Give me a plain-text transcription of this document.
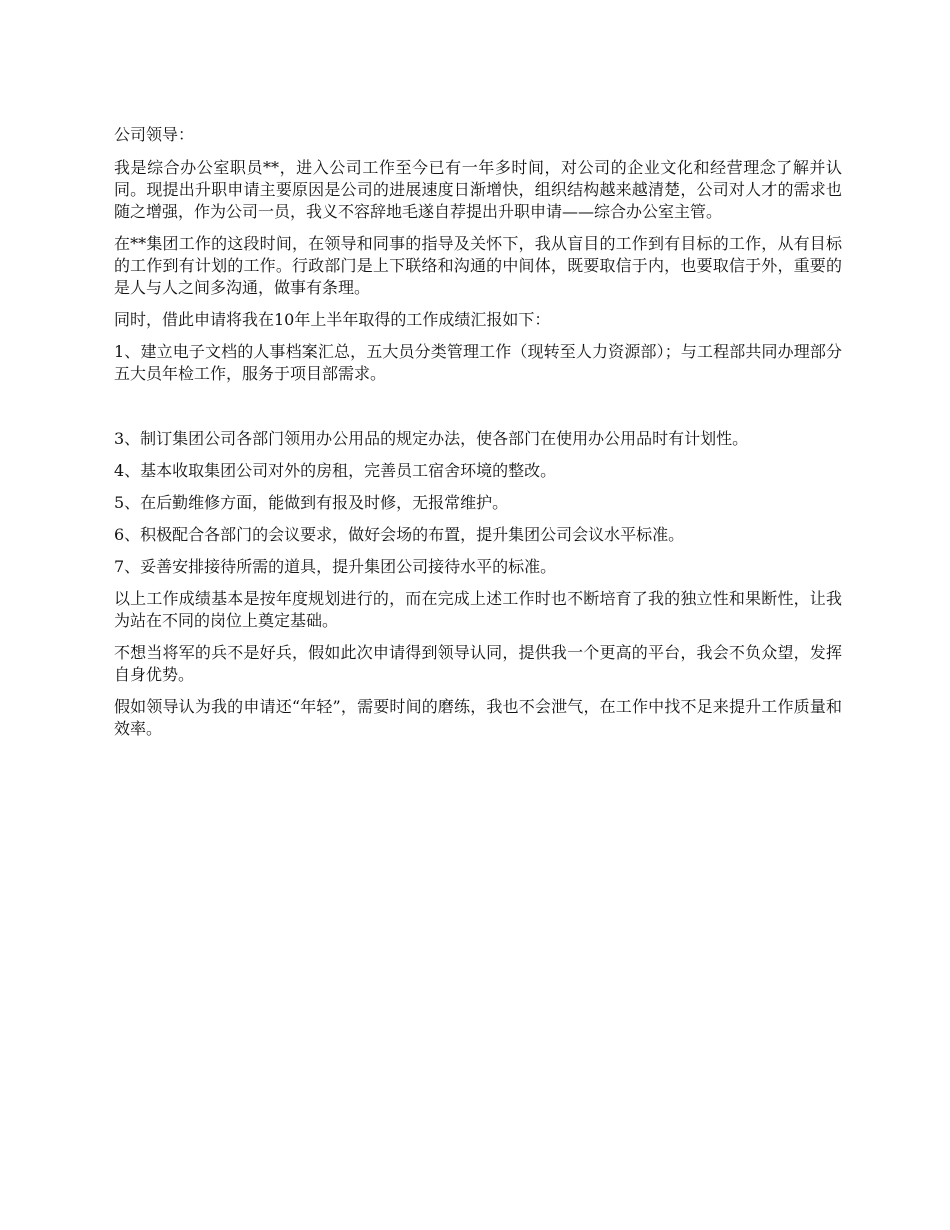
公司领导：

我是综合办公室职员**，进入公司工作至今已有一年多时间，对公司的企业文化和经营理念了解并认同。现提出升职申请主要原因是公司的进展速度日渐增快，组织结构越来越清楚，公司对人才的需求也随之增强，作为公司一员，我义不容辞地毛遂自荐提出升职申请——综合办公室主管。

在**集团工作的这段时间，在领导和同事的指导及关怀下，我从盲目的工作到有目标的工作，从有目标的工作到有计划的工作。行政部门是上下联络和沟通的中间体，既要取信于内，也要取信于外，重要的是人与人之间多沟通，做事有条理。

同时，借此申请将我在10年上半年取得的工作成绩汇报如下：

1、建立电子文档的人事档案汇总，五大员分类管理工作（现转至人力资源部）；与工程部共同办理部分五大员年检工作，服务于项目部需求。

3、制订集团公司各部门领用办公用品的规定办法，使各部门在使用办公用品时有计划性。

4、基本收取集团公司对外的房租，完善员工宿舍环境的整改。

5、在后勤维修方面，能做到有报及时修，无报常维护。

6、积极配合各部门的会议要求，做好会场的布置，提升集团公司会议水平标准。

7、妥善安排接待所需的道具，提升集团公司接待水平的标准。

以上工作成绩基本是按年度规划进行的，而在完成上述工作时也不断培育了我的独立性和果断性，让我为站在不同的岗位上奠定基础。

不想当将军的兵不是好兵，假如此次申请得到领导认同，提供我一个更高的平台，我会不负众望，发挥自身优势。

假如领导认为我的申请还“年轻”，需要时间的磨练，我也不会泄气，在工作中找不足来提升工作质量和效率。
